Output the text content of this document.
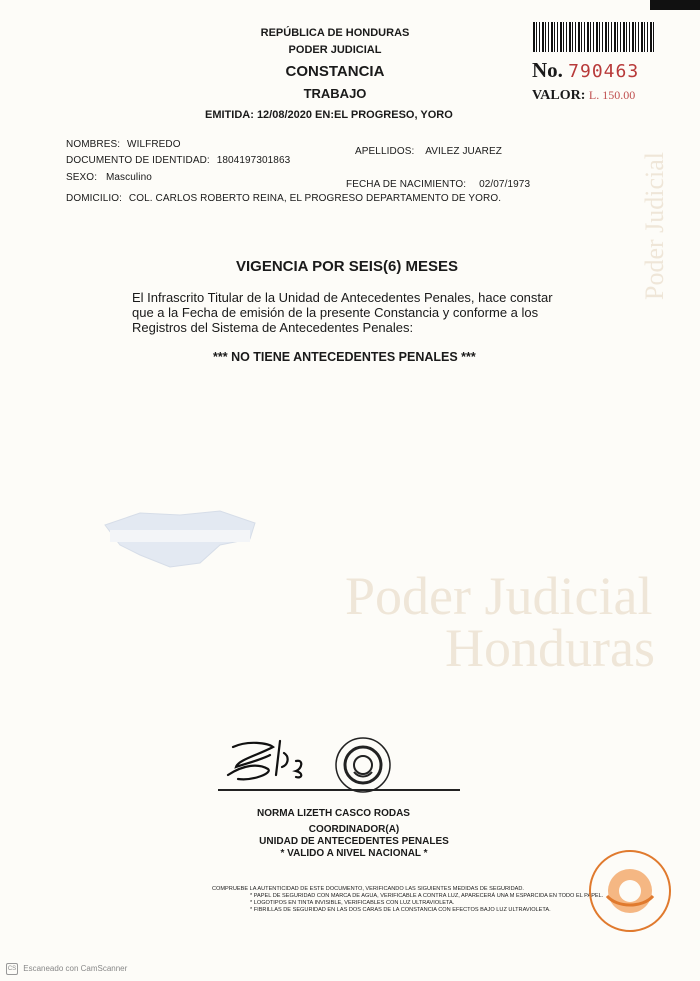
Poder Judicial
Honduras
Poder Judicial
No. 790463
VALOR: L. 150.00
REPÚBLICA DE HONDURAS
PODER JUDICIAL
CONSTANCIA
TRABAJO
EMITIDA: 12/08/2020 EN:EL PROGRESO, YORO
NOMBRES: WILFREDO
APELLIDOS: AVILEZ JUAREZ
DOCUMENTO DE IDENTIDAD: 1804197301863
SEXO: Masculino
FECHA DE NACIMIENTO: 02/07/1973
DOMICILIO: COL. CARLOS ROBERTO REINA, EL PROGRESO DEPARTAMENTO DE YORO.
VIGENCIA POR SEIS(6) MESES
El Infrascrito Titular de la Unidad de Antecedentes Penales, hace constar
que a la Fecha de emisión de la presente Constancia y conforme a los
Registros del Sistema de Antecedentes Penales:
*** NO TIENE ANTECEDENTES PENALES ***
NORMA LIZETH CASCO RODAS
COORDINADOR(A)
UNIDAD DE ANTECEDENTES PENALES
* VALIDO A NIVEL NACIONAL *
COMPRUEBE LA AUTENTICIDAD DE ESTE DOCUMENTO, VERIFICANDO LAS SIGUIENTES MEDIDAS DE SEGURIDAD.
* PAPEL DE SEGURIDAD CON MARCA DE AGUA, VERIFICABLE A CONTRA LUZ, APARECERÁ UNA M ESPARCIDA EN TODO EL PAPEL.
* LOGOTIPOS EN TINTA INVISIBLE, VERIFICABLES CON LUZ ULTRAVIOLETA.
* FIBRILLAS DE SEGURIDAD EN LAS DOS CARAS DE LA CONSTANCIA CON EFECTOS BAJO LUZ ULTRAVIOLETA.
CS Escaneado con CamScanner
